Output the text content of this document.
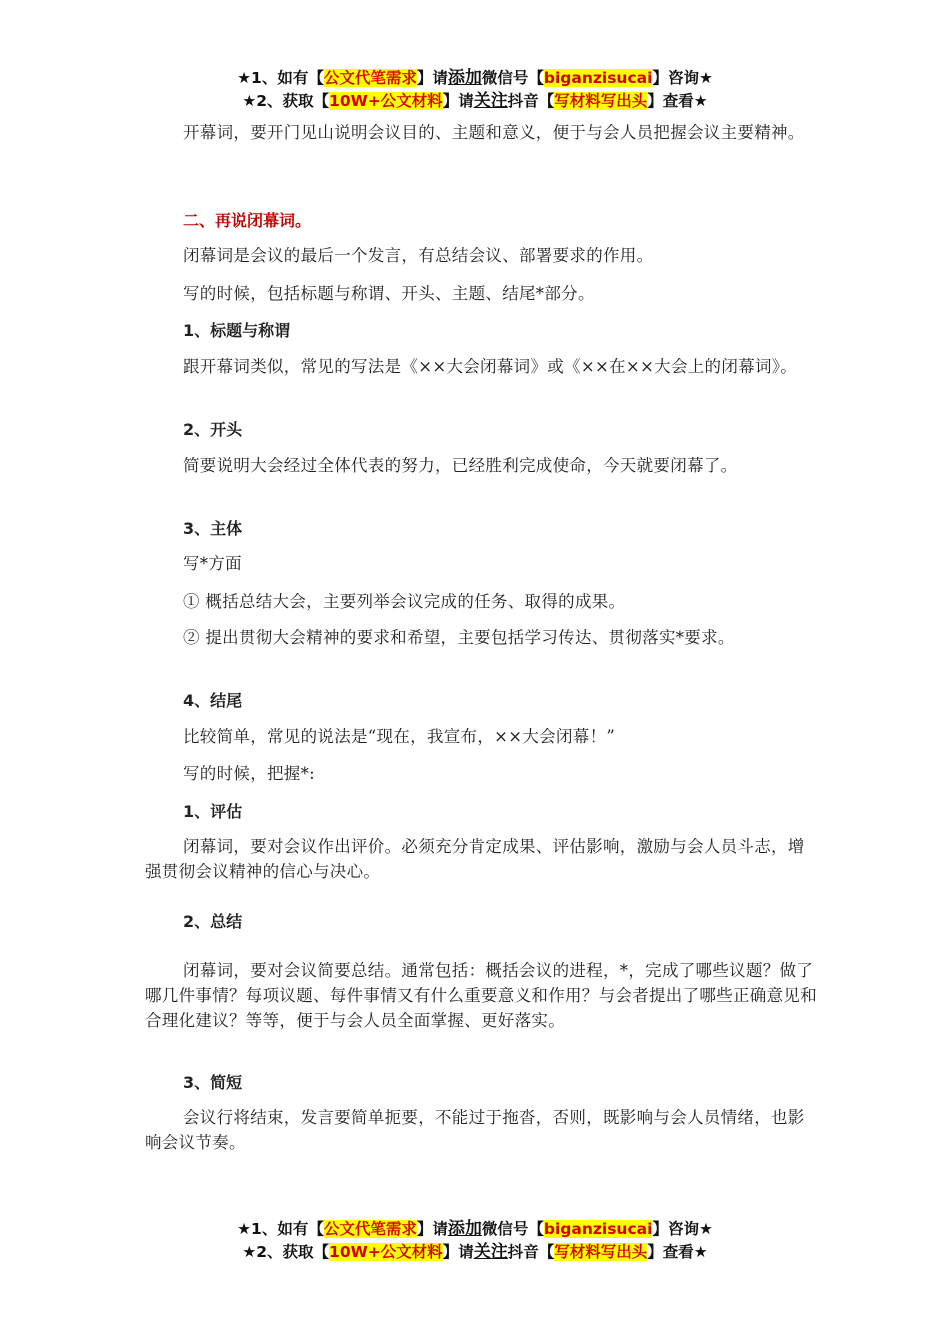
★1、如有【公文代笔需求】请添加微信号【biganzisucai】咨询★
★2、获取【10W+公文材料】请关注抖音【写材料写出头】查看★
开幕词，要开门见山说明会议目的、主题和意义，便于与会人员把握会议主要精神。
二、再说闭幕词。
闭幕词是会议的最后一个发言，有总结会议、部署要求的作用。
写的时候，包括标题与称谓、开头、主题、结尾*部分。
1、标题与称谓
跟开幕词类似，常见的写法是《××大会闭幕词》或《××在××大会上的闭幕词》。
2、开头
简要说明大会经过全体代表的努力，已经胜利完成使命，今天就要闭幕了。
3、主体
写*方面
① 概括总结大会，主要列举会议完成的任务、取得的成果。
② 提出贯彻大会精神的要求和希望，主要包括学习传达、贯彻落实*要求。
4、结尾
比较简单，常见的说法是“现在，我宣布，××大会闭幕！”
写的时候，把握*:
1、评估
闭幕词，要对会议作出评价。必须充分肯定成果、评估影响，激励与会人员斗志，增强贯彻会议精神的信心与决心。
2、总结
闭幕词，要对会议简要总结。通常包括：概括会议的进程，*，完成了哪些议题？做了哪几件事情？每项议题、每件事情又有什么重要意义和作用？与会者提出了哪些正确意见和合理化建议？等等，便于与会人员全面掌握、更好落实。
3、简短
会议行将结束，发言要简单扼要，不能过于拖沓，否则，既影响与会人员情绪，也影响会议节奏。
★1、如有【公文代笔需求】请添加微信号【biganzisucai】咨询★
★2、获取【10W+公文材料】请关注抖音【写材料写出头】查看★
